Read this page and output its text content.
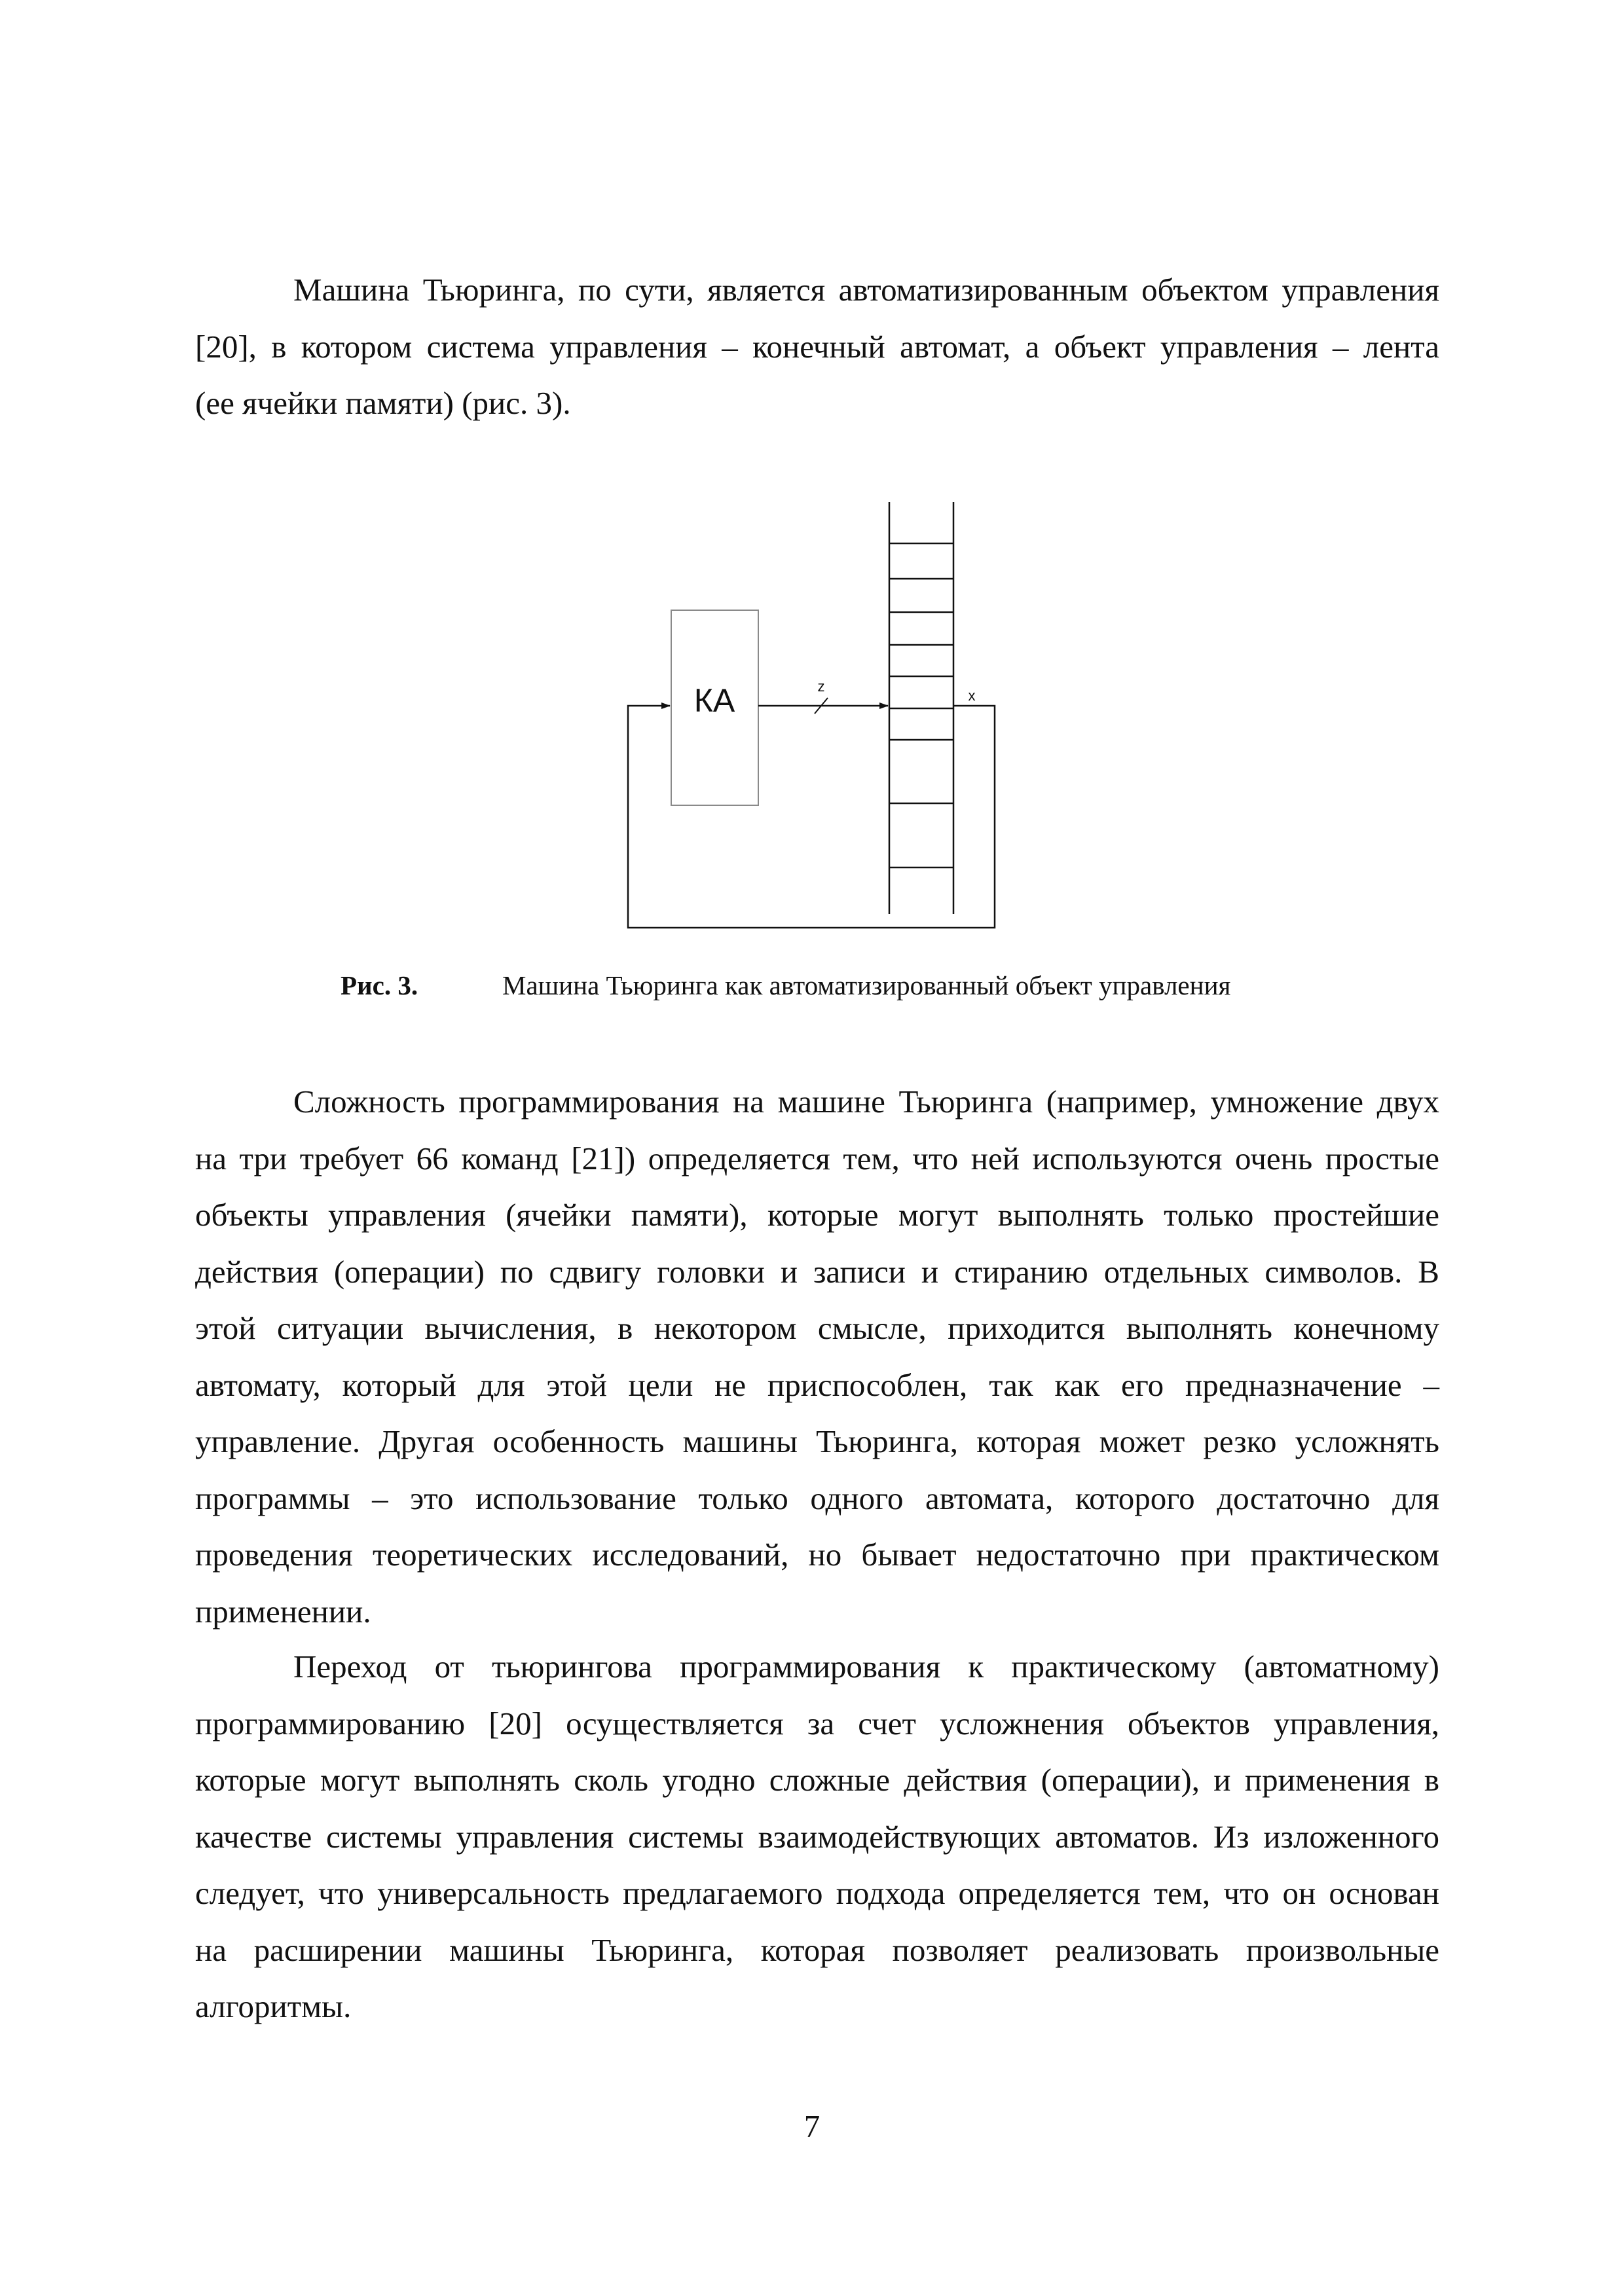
Машина Тьюринга, по сути, является автоматизированным объектом управления
[20], в котором система управления – конечный автомат, а объект управления – лента
(ее ячейки памяти) (рис. 3).
КА	z
x
Рис. 3.	Машина Тьюринга как автоматизированный объект управления
Сложность программирования на машине Тьюринга (например, умножение двух
на три требует 66 команд [21]) определяется тем, что ней используются очень простые
объекты управления (ячейки памяти), которые могут выполнять только простейшие
действия (операции) по сдвигу головки и записи и стиранию отдельных символов. В
этой ситуации вычисления, в некотором смысле, приходится выполнять конечному
автомату, который для этой цели не приспособлен, так как его предназначение –
управление. Другая особенность машины Тьюринга, которая может резко усложнять
программы – это использование только одного автомата, которого достаточно для
проведения теоретических исследований, но бывает недостаточно при практическом
применении.
Переход от тьюрингова программирования к практическому (автоматному)
программированию [20] осуществляется за счет усложнения объектов управления,
которые могут выполнять сколь угодно сложные действия (операции), и применения в
качестве системы управления системы взаимодействующих автоматов. Из изложенного
следует, что универсальность предлагаемого подхода определяется тем, что он основан
на расширении машины Тьюринга, которая позволяет реализовать произвольные
алгоритмы.
7
